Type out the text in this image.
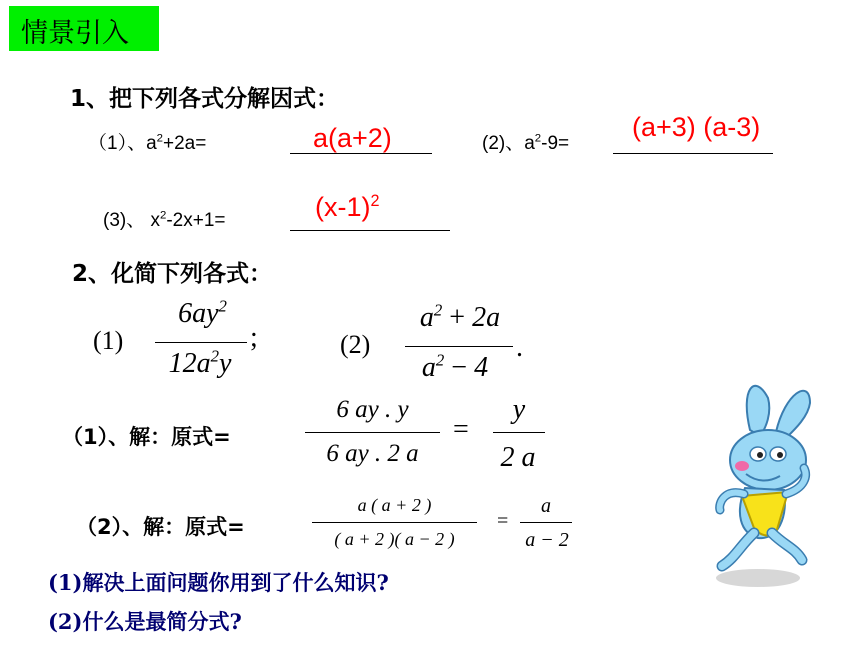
情景引入
1、把下列各式分解因式：
（1）、$a^2+2a=$	a(a+2)	(2)、$a^2-9=$
(a+3) (a-3)
(3)、 $x^2-2x+1=$	$(x-1)^2$
2、化简下列各式：
(1)
$6ay^2$
$12a^2y$
;	(2)
$a^2 + 2a$
$a^2 - 4$
.
（1）、解：原式=
6 ay . y
6 ay . 2 a
=
y
2 a
（2）、解：原式=
a ( a + 2 )
( a + 2 )( a − 2 )
=
a
a − 2
(1)解决上面问题你用到了什么知识?
(2)什么是最简分式?
